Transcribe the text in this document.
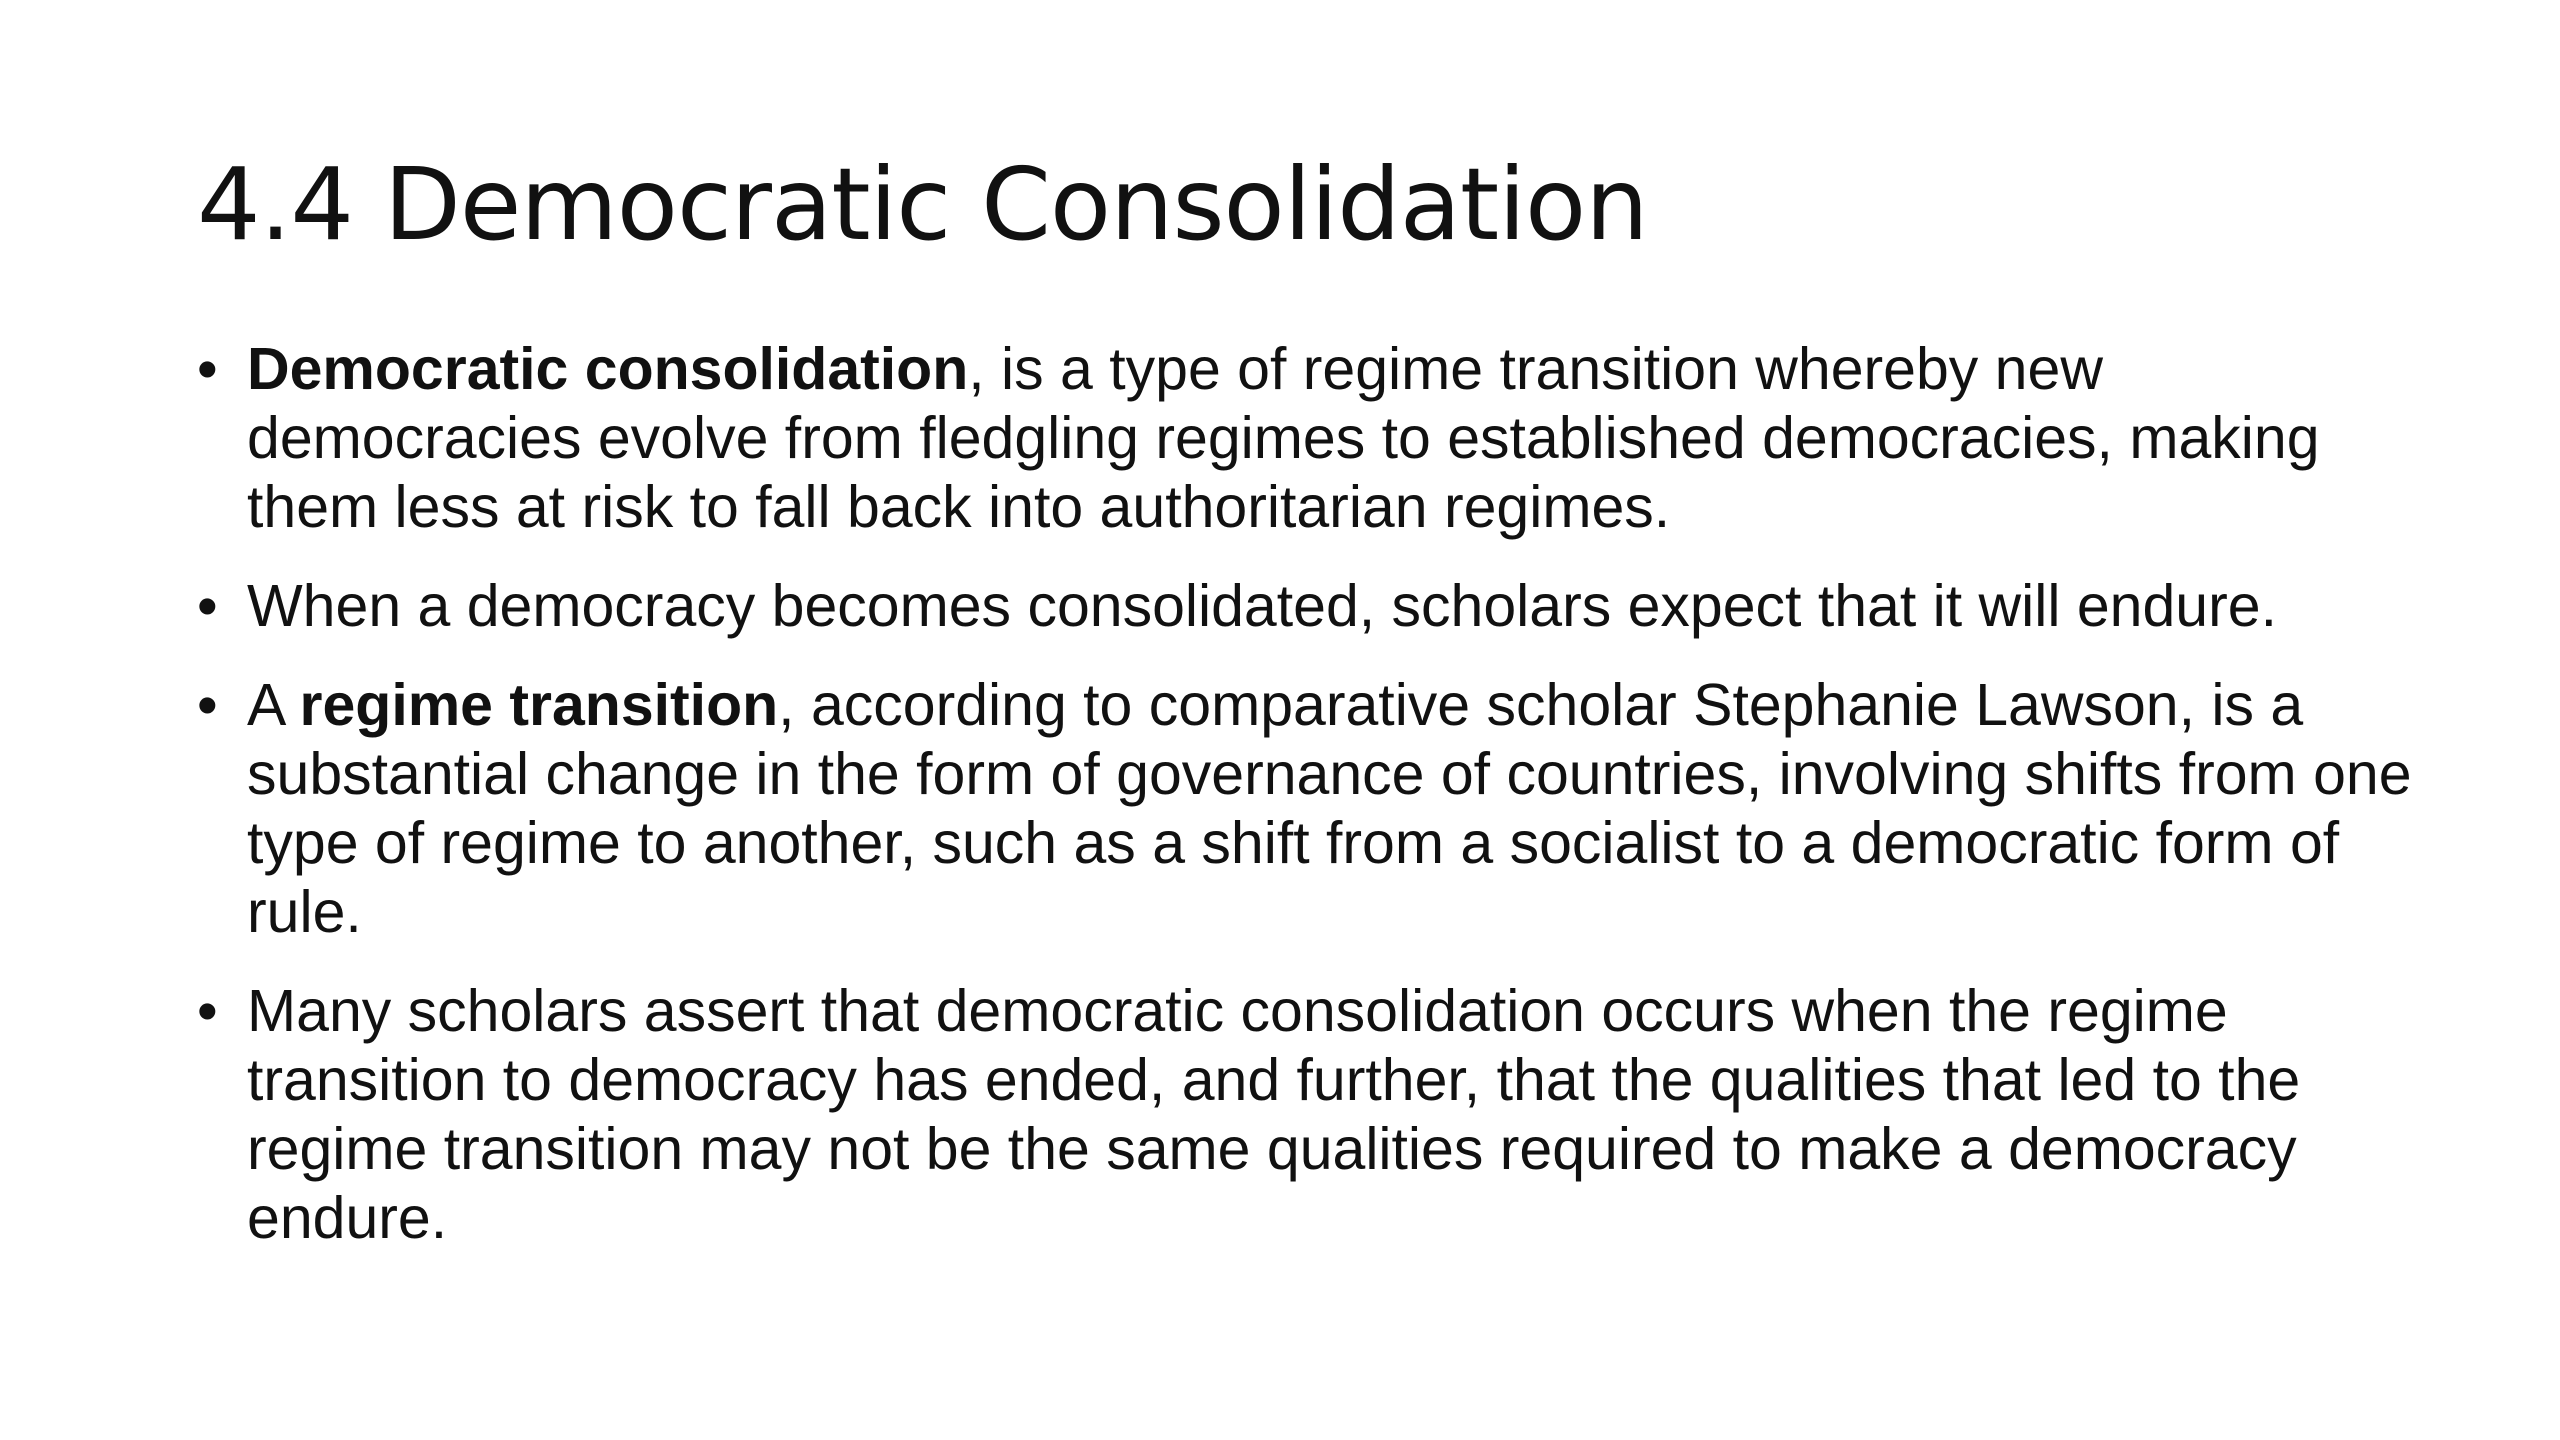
4.4 Democratic Consolidation
• Democratic consolidation, is a type of regime transition whereby new democracies evolve from fledgling regimes to established democracies, making them less at risk to fall back into authoritarian regimes.
• When a democracy becomes consolidated, scholars expect that it will endure.
• A regime transition, according to comparative scholar Stephanie Lawson, is a substantial change in the form of governance of countries, involving shifts from one type of regime to another, such as a shift from a socialist to a democratic form of rule.
• Many scholars assert that democratic consolidation occurs when the regime transition to democracy has ended, and further, that the qualities that led to the regime transition may not be the same qualities required to make a democracy endure.
